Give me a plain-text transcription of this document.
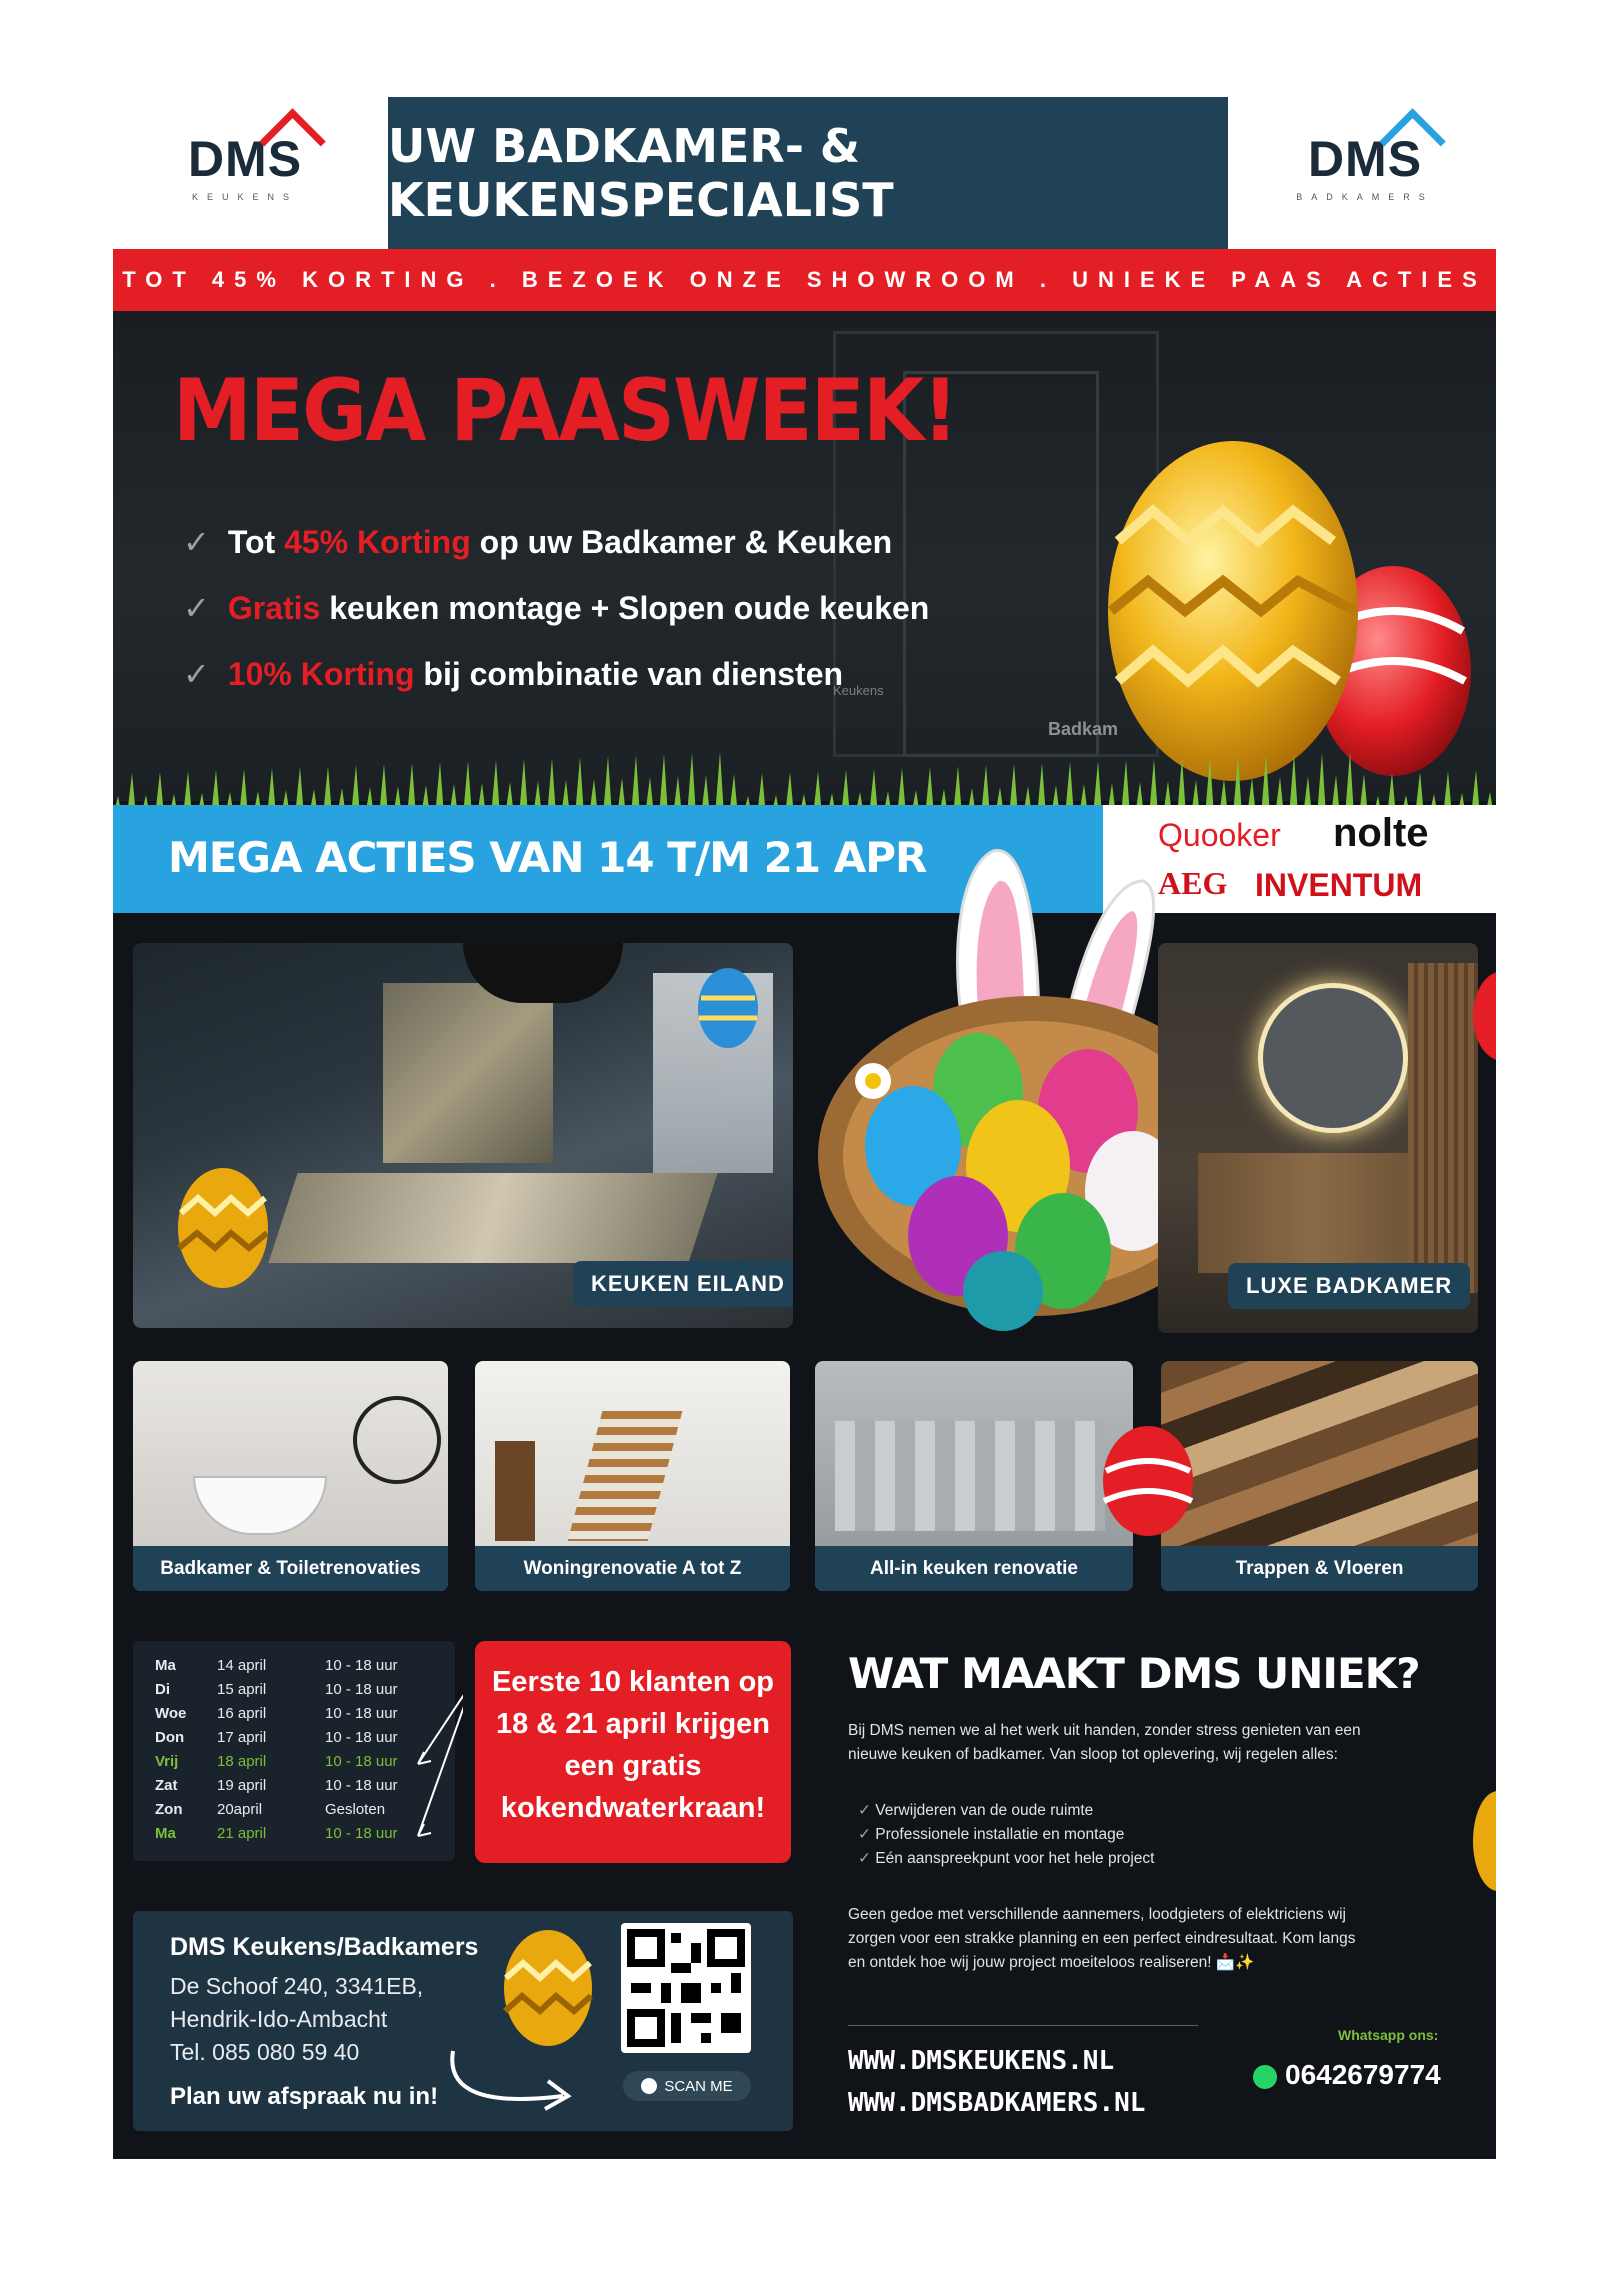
DMS
KEUKENS
UW BADKAMER- & KEUKENSPECIALIST
DMS
BADKAMERS
TOT 45% KORTING . BEZOEK ONZE SHOWROOM . UNIEKE PAAS ACTIES
Keukens
Badkam
MEGA PAASWEEK!
✓ Tot 45% Korting op uw Badkamer & Keuken
✓ Gratis keuken montage + Slopen oude keuken
✓ 10% Korting bij combinatie van diensten
MEGA ACTIES VAN 14 T/M 21 APR	Quooker nolte
AEG INVENTUM
KEUKEN EILAND	LUXE BADKAMER
Badkamer & Toiletrenovaties	Woningrenovatie A tot Z	All-in keuken renovatie	Trappen & Vloeren
Ma	14 april	10 - 18 uur
Di	15 april	10 - 18 uur
Woe 16 april	10 - 18 uur
Don 17 april	10 - 18 uur
Vrij	18 april	10 - 18 uur
Zat	19 april	10 - 18 uur
Zon 20april	Gesloten
Ma	21 april	10 - 18 uur
Eerste 10 klanten op
18 & 21 april krijgen
een gratis
kokendwaterkraan!
DMS Keukens/Badkamers
De Schoof 240, 3341EB,
Hendrik-Ido-Ambacht
Tel. 085 080 59 40
Plan uw afspraak nu in!	SCAN ME
WAT MAAKT DMS UNIEK?
Bij DMS nemen we al het werk uit handen, zonder stress genieten van een
nieuwe keuken of badkamer. Van sloop tot oplevering, wij regelen alles:
✓ Verwijderen van de oude ruimte
✓ Professionele installatie en montage
✓ Eén aanspreekpunt voor het hele project
Geen gedoe met verschillende aannemers, loodgieters of elektriciens wij
zorgen voor een strakke planning en een perfect eindresultaat. Kom langs
en ontdek hoe wij jouw project moeiteloos realiseren! 📩✨
WWW.DMSKEUKENS.NL
WWW.DMSBADKAMERS.NL
Whatsapp ons:
0642679774
